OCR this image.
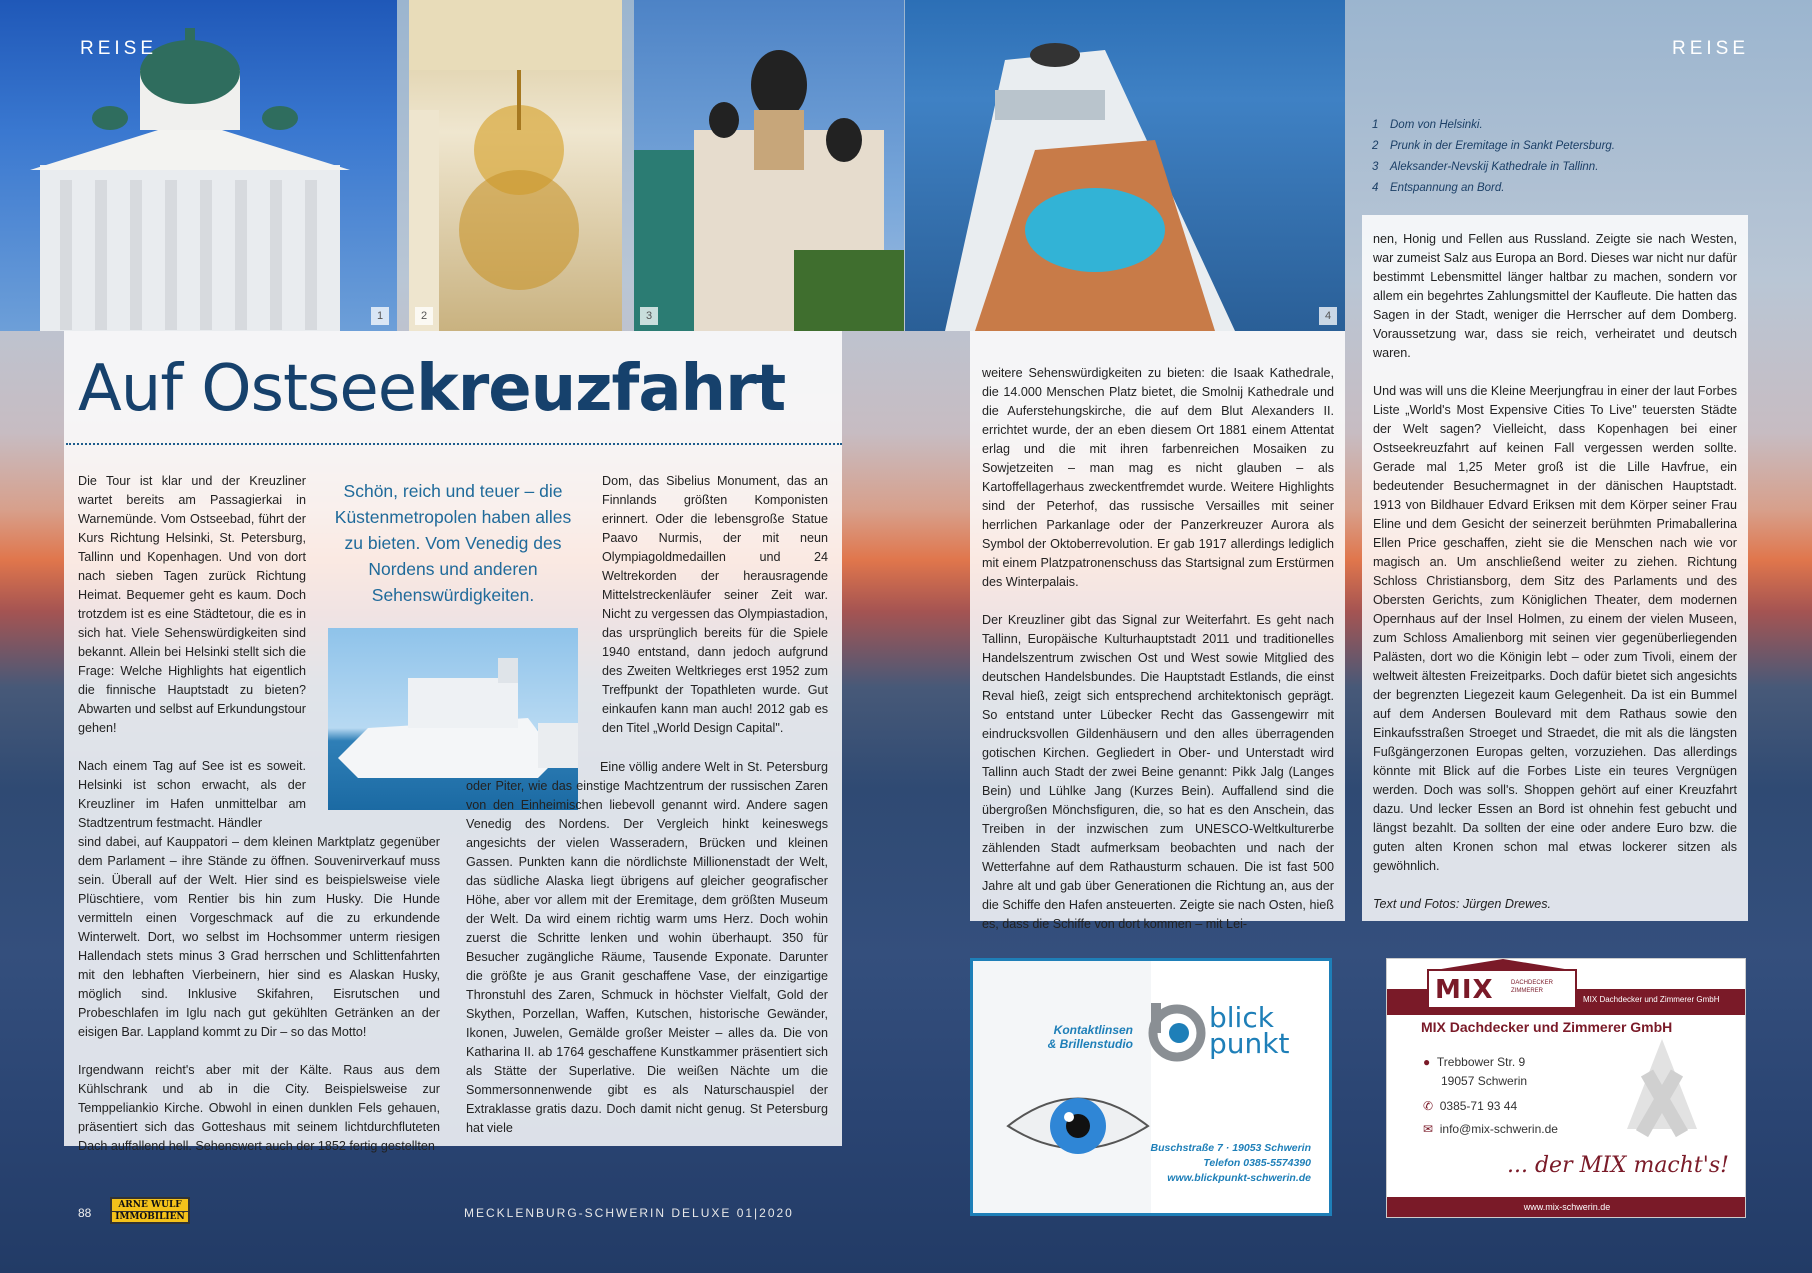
1	2	3	4
REISE	REISE
1 Dom von Helsinki.
2 Prunk in der Eremitage in Sankt Petersburg.
3 Aleksander-Nevskij Kathedrale in Tallinn.
4 Entspannung an Bord.
Auf Ostseekreuzfahrt

Die Tour ist klar und der Kreuzliner wartet bereits am Passagierkai in Warnemünde. Vom Ostseebad, führt der Kurs Richtung Helsinki, St. Petersburg, Tallinn und Kopenhagen. Und von dort nach sieben Tagen zurück Richtung Heimat. Bequemer geht es kaum. Doch trotzdem ist es eine Städtetour, die es in sich hat. Viele Sehenswürdigkeiten sind bekannt. Allein bei Helsinki stellt sich die Frage: Welche Highlights hat eigentlich die finnische Hauptstadt zu bieten? Abwarten und selbst auf Erkundungstour gehen!

Nach einem Tag auf See ist es soweit. Helsinki ist schon erwacht, als der Kreuzliner im Hafen unmittelbar am Stadtzentrum festmacht. Händler

sind dabei, auf Kauppatori – dem kleinen Marktplatz gegenüber dem Parlament – ihre Stände zu öffnen. Souvenirverkauf muss sein. Überall auf der Welt. Hier sind es beispielsweise viele Plüschtiere, vom Rentier bis hin zum Husky. Die Hunde vermitteln einen Vorgeschmack auf die zu erkundende Winterwelt. Dort, wo selbst im Hochsommer unterm riesigen Hallendach stets minus 3 Grad herrschen und Schlittenfahrten mit den lebhaften Vierbeinern, hier sind es Alaskan Husky, möglich sind. Inklusive Skifahren, Eisrutschen und Probeschlafen im Iglu nach gut gekühlten Getränken an der eisigen Bar. Lappland kommt zu Dir – so das Motto!

Irgendwann reicht's aber mit der Kälte. Raus aus dem Kühlschrank und ab in die City. Beispielsweise zur Temppeliankio Kirche. Obwohl in einen dunklen Fels gehauen, präsentiert sich das Gotteshaus mit seinem lichtdurchfluteten Dach auffallend hell. Sehenswert auch der 1852 fertig gestellten

Schön, reich und teuer – die Küstenmetropolen haben alles zu bieten. Vom Venedig des Nordens und anderen Sehenswürdigkeiten.

Dom, das Sibelius Monument, das an Finnlands größten Komponisten erinnert. Oder die lebensgroße Statue Paavo Nurmis, der mit neun Olympiagoldmedaillen und 24 Weltrekorden der herausragende Mittelstreckenläufer seiner Zeit war. Nicht zu vergessen das Olympiastadion, das ursprünglich bereits für die Spiele 1940 entstand, dann jedoch aufgrund des Zweiten Weltkrieges erst 1952 zum Treffpunkt der Topathleten wurde. Gut einkaufen kann man auch! 2012 gab es den Titel „World Design Capital".

Eine völlig andere Welt in St. Petersburg oder Piter, wie das einstige Machtzentrum der russischen Zaren von den Einheimischen liebevoll genannt wird. Andere sagen Venedig des Nordens. Der Vergleich hinkt keineswegs angesichts der vielen Wasseradern, Brücken und kleinen Gassen. Punkten kann die nördlichste Millionenstadt der Welt, das südliche Alaska liegt übrigens auf gleicher geografischer Höhe, aber vor allem mit der Eremitage, dem größten Museum der Welt. Da wird einem richtig warm ums Herz. Doch wohin zuerst die Schritte lenken und wohin überhaupt. 350 für Besucher zugängliche Räume, Tausende Exponate. Darunter die größte je aus Granit geschaffene Vase, der einzigartige Thronstuhl des Zaren, Schmuck in höchster Vielfalt, Gold der Skythen, Porzellan, Waffen, Kutschen, historische Gewänder, Ikonen, Juwelen, Gemälde großer Meister – alles da. Die von Katharina II. ab 1764 geschaffene Kunstkammer präsentiert sich als Stätte der Superlative. Die weißen Nächte um die Sommersonnenwende gibt es als Naturschauspiel der Extraklasse gratis dazu. Doch damit nicht genug. St Petersburg hat viele

weitere Sehenswürdigkeiten zu bieten: die Isaak Kathedrale, die 14.000 Menschen Platz bietet, die Smolnij Kathedrale und die Auferstehungskirche, die auf dem Blut Alexanders II. errichtet wurde, der an eben diesem Ort 1881 einem Attentat erlag und die mit ihren farbenreichen Mosaiken zu Sowjetzeiten – man mag es nicht glauben – als Kartoffellagerhaus zweckentfremdet wurde. Weitere Highlights sind der Peterhof, das russische Versailles mit seiner herrlichen Parkanlage oder der Panzerkreuzer Aurora als Symbol der Oktoberrevolution. Er gab 1917 allerdings lediglich mit einem Platzpatronenschuss das Startsignal zum Erstürmen des Winterpalais.

Der Kreuzliner gibt das Signal zur Weiterfahrt. Es geht nach Tallinn, Europäische Kulturhauptstadt 2011 und traditionelles Handelszentrum zwischen Ost und West sowie Mitglied des deutschen Handelsbundes. Die Hauptstadt Estlands, die einst Reval hieß, zeigt sich entsprechend architektonisch geprägt. So entstand unter Lübecker Recht das Gassengewirr mit eindrucksvollen Gildenhäusern und den alles überragenden gotischen Kirchen. Gegliedert in Ober- und Unterstadt wird Tallinn auch Stadt der zwei Beine genannt: Pikk Jalg (Langes Bein) und Lühlke Jang (Kurzes Bein). Auffallend sind die übergroßen Mönchsfiguren, die, so hat es den Anschein, das Treiben in der inzwischen zum UNESCO-Weltkulturerbe zählenden Stadt aufmerksam beobachten und nach der Wetterfahne auf dem Rathausturm schauen. Die ist fast 500 Jahre alt und gab über Generationen die Richtung an, aus der die Schiffe den Hafen ansteuerten. Zeigte sie nach Osten, hieß es, dass die Schiffe von dort kommen – mit Lei-

nen, Honig und Fellen aus Russland. Zeigte sie nach Westen, war zumeist Salz aus Europa an Bord. Dieses war nicht nur dafür bestimmt Lebensmittel länger haltbar zu machen, sondern vor allem ein begehrtes Zahlungsmittel der Kaufleute. Die hatten das Sagen in der Stadt, weniger die Herrscher auf dem Domberg. Voraussetzung war, dass sie reich, verheiratet und deutsch waren.

Und was will uns die Kleine Meerjungfrau in einer der laut Forbes Liste „World's Most Expensive Cities To Live" teuersten Städte der Welt sagen? Vielleicht, dass Kopenhagen bei einer Ostseekreuzfahrt auf keinen Fall vergessen werden sollte. Gerade mal 1,25 Meter groß ist die Lille Havfrue, ein bedeutender Besuchermagnet in der dänischen Hauptstadt. 1913 von Bildhauer Edvard Eriksen mit dem Körper seiner Frau Eline und dem Gesicht der seinerzeit berühmten Primaballerina Ellen Price geschaffen, zieht sie die Menschen nach wie vor magisch an. Um anschließend weiter zu ziehen. Richtung Schloss Christiansborg, dem Sitz des Parlaments und des Obersten Gerichts, zum Königlichen Theater, dem modernen Opernhaus auf der Insel Holmen, zu einem der vielen Museen, zum Schloss Amalienborg mit seinen vier gegenüberliegenden Palästen, dort wo die Königin lebt – oder zum Tivoli, einem der weltweit ältesten Freizeitparks. Doch dafür bietet sich angesichts der begrenzten Liegezeit kaum Gelegenheit. Da ist ein Bummel auf dem Andersen Boulevard mit dem Rathaus sowie den Einkaufsstraßen Stroeget und Straedet, die mit als die längsten Fußgängerzonen Europas gelten, vorzuziehen. Das allerdings könnte mit Blick auf die Forbes Liste ein teures Vergnügen werden. Doch was soll's. Shoppen gehört auf einer Kreuzfahrt dazu. Und lecker Essen an Bord ist ohnehin fest gebucht und längst bezahlt. Da sollten der eine oder andere Euro bzw. die guten alten Kronen schon mal etwas lockerer sitzen als gewöhnlich.

Text und Fotos: Jürgen Drewes.

88
ARNE WULF
IMMOBILIEN	MECKLENBURG-SCHWERIN DELUXE 01|2020
Kontaktlinsen
& Brillenstudio
blick
punkt
Buschstraße 7 · 19053 Schwerin
Telefon 0385-5574390
www.blickpunkt-schwerin.de
MIX	DACHDECKER ZIMMERER
MIX Dachdecker und Zimmerer GmbH
MIX Dachdecker und Zimmerer GmbH
● Trebbower Str. 9
19057 Schwerin
✆ 0385-71 93 44
✉ info@mix-schwerin.de
... der MIX macht's!
www.mix-schwerin.de
